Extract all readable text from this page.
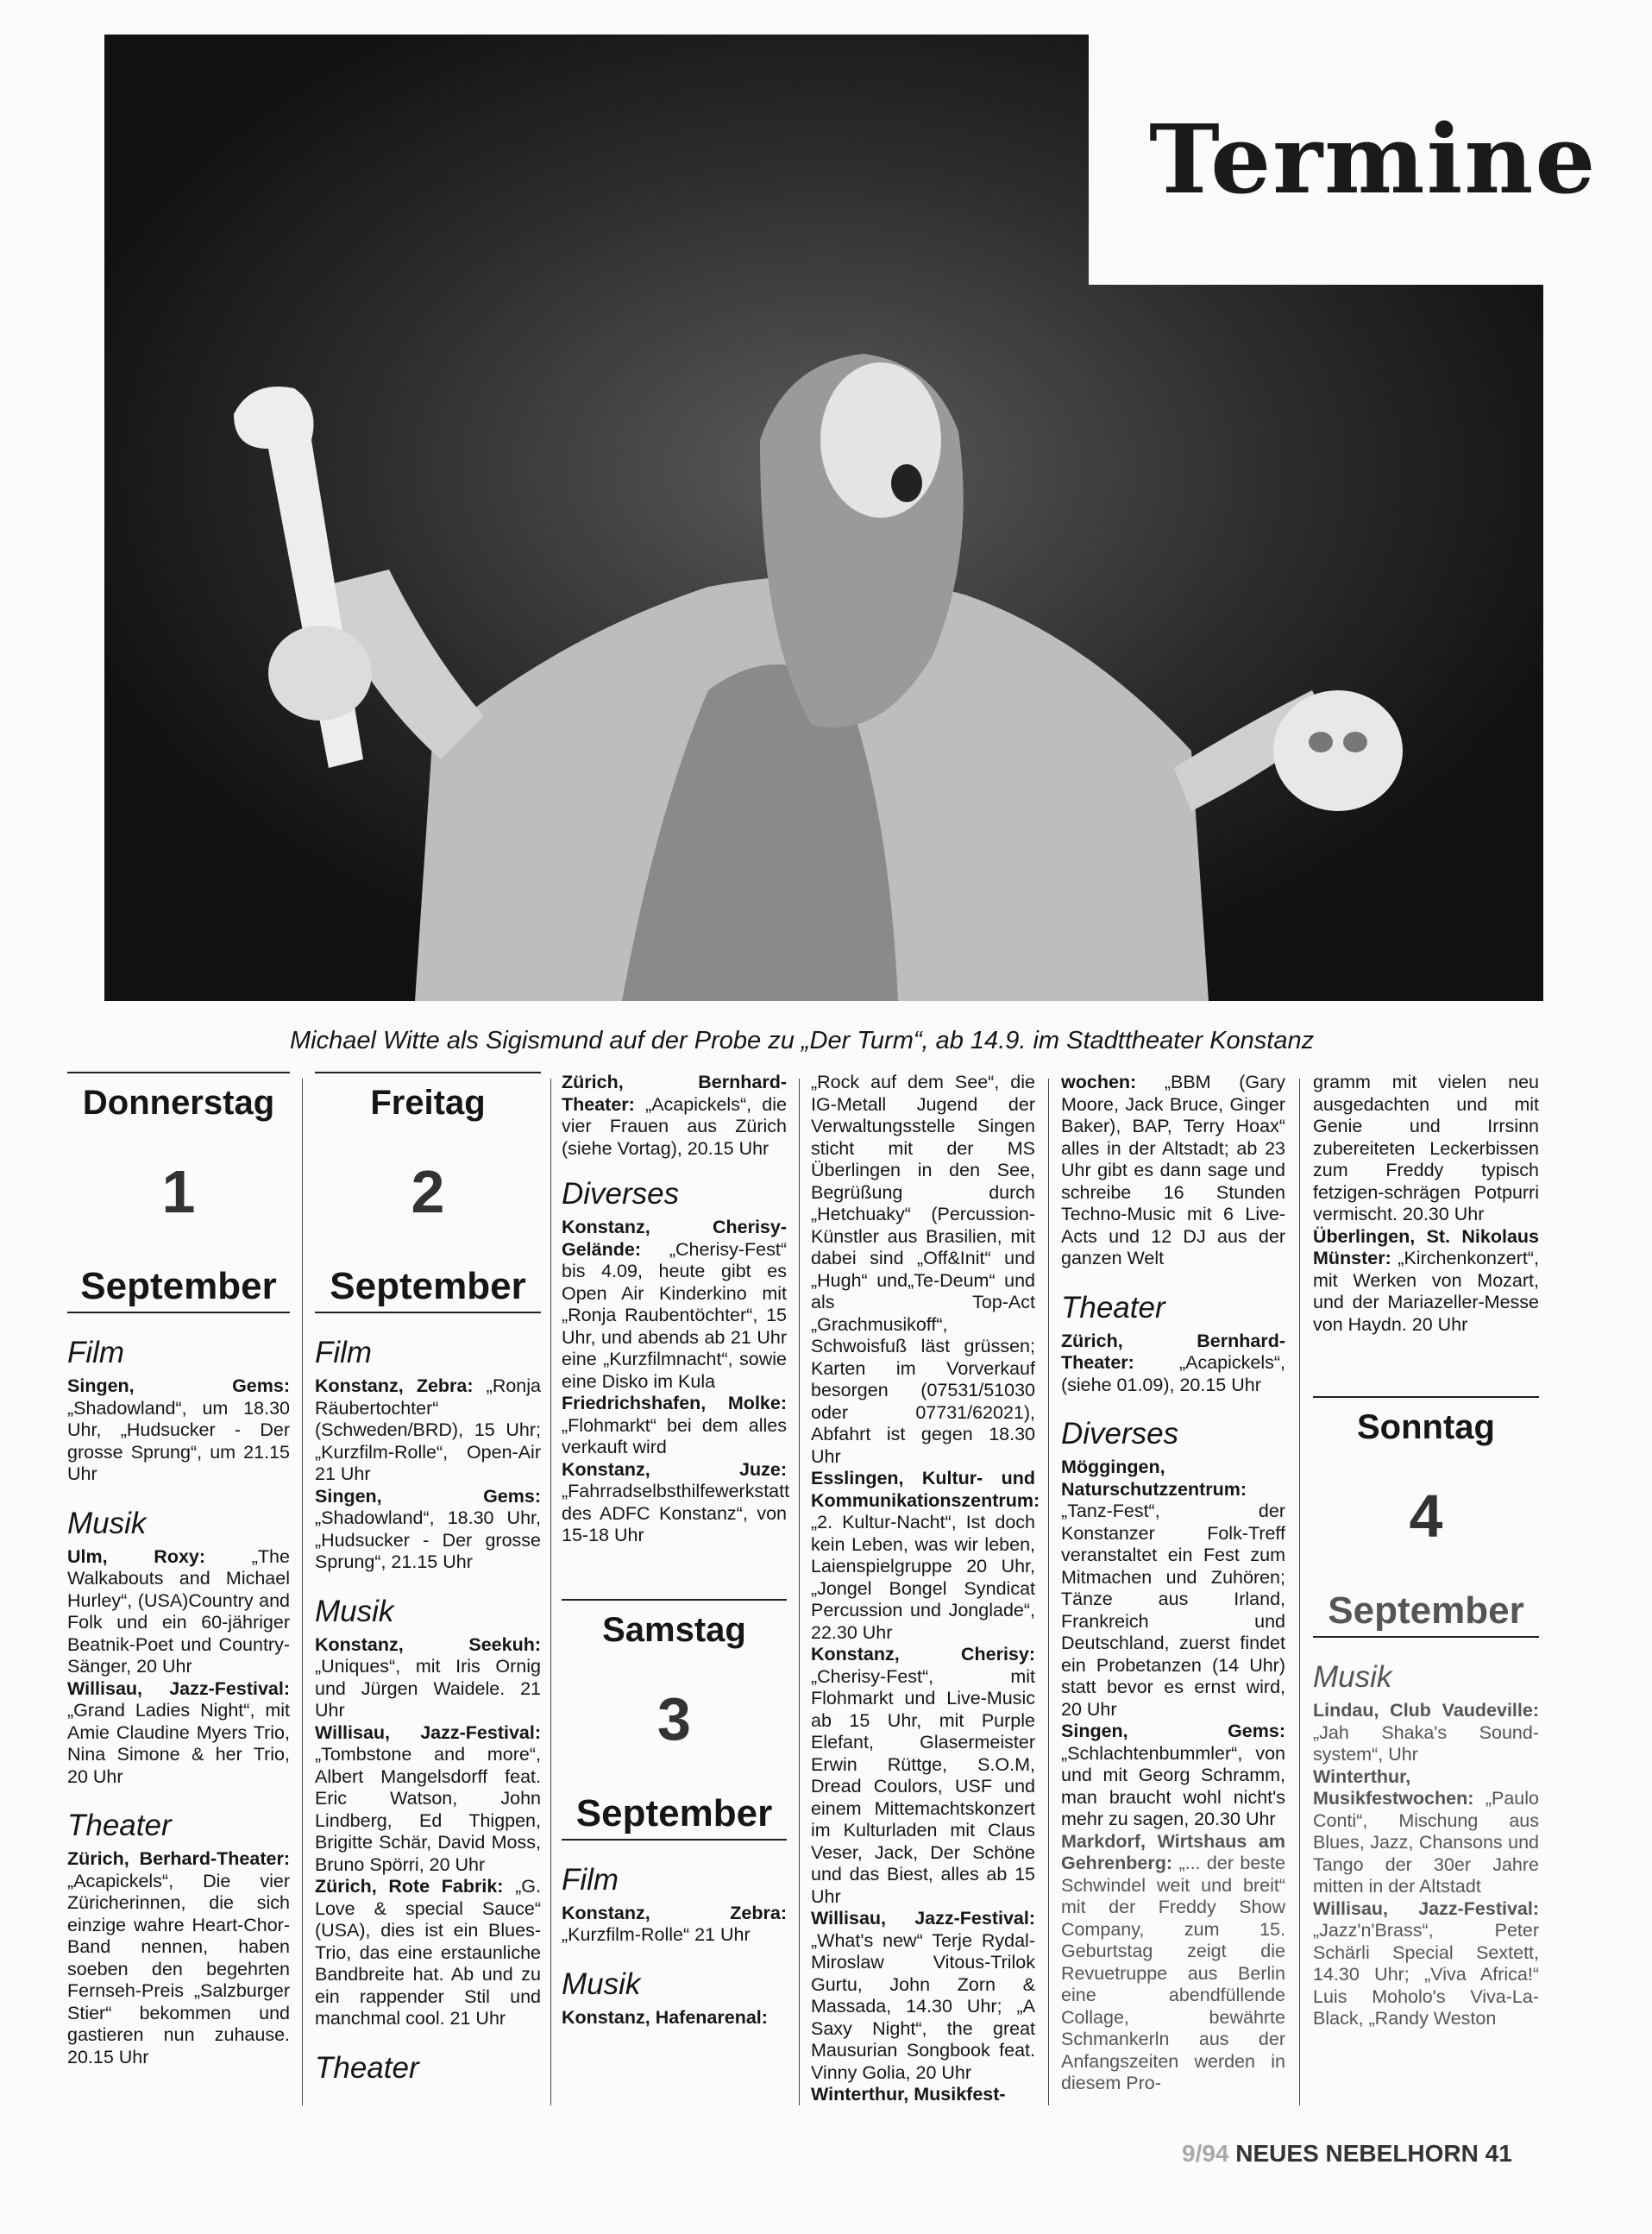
Termine
Michael Witte als Sigismund auf der Probe zu „Der Turm“, ab 14.9. im Stadttheater Konstanz
Donnerstag
1
September
Film

Singen, Gems: „Shadowland“, um 18.30 Uhr, „Hudsucker - Der grosse Sprung“, um 21.15 Uhr

Musik

Ulm, Roxy: „The Walkabouts and Michael Hurley“, (USA)Country and Folk und ein 60-jähriger Beatnik-Poet und Country-Sänger, 20 Uhr

Willisau, Jazz-Festival: „Grand Ladies Night“, mit Amie Claudine Myers Trio, Nina Simone & her Trio, 20 Uhr

Theater

Zürich, Berhard-Theater: „Acapickels“, Die vier Züricherinnen, die sich einzige wahre Heart-Chor-Band nennen, haben soeben den begehrten Fernseh-Preis „Salzburger Stier“ bekommen und gastieren nun zuhause. 20.15 Uhr

Freitag
2
September
Film

Konstanz, Zebra: „Ronja Räubertochter“ (Schweden/BRD), 15 Uhr; „Kurzfilm-Rolle“, Open-Air 21 Uhr

Singen, Gems: „Shadowland“, 18.30 Uhr, „Hudsucker - Der grosse Sprung“, 21.15 Uhr

Musik

Konstanz, Seekuh: „Uniques“, mit Iris Ornig und Jürgen Waidele. 21 Uhr

Willisau, Jazz-Festival: „Tombstone and more“, Albert Mangelsdorff feat. Eric Watson, John Lindberg, Ed Thigpen, Brigitte Schär, David Moss, Bruno Spörri, 20 Uhr

Zürich, Rote Fabrik: „G. Love & special Sauce“ (USA), dies ist ein Blues-Trio, das eine erstaunliche Bandbreite hat. Ab und zu ein rappender Stil und manchmal cool. 21 Uhr

Theater

Zürich, Bernhard-Theater: „Acapickels“, die vier Frauen aus Zürich (siehe Vortag), 20.15 Uhr

Diverses

Konstanz, Cherisy-Gelände: „Cherisy-Fest“ bis 4.09, heute gibt es Open Air Kinderkino mit „Ronja Raubentöchter“, 15 Uhr, und abends ab 21 Uhr eine „Kurzfilmnacht“, sowie eine Disko im Kula

Friedrichshafen, Molke: „Flohmarkt“ bei dem alles verkauft wird

Konstanz, Juze: „Fahrradselbsthilfewerkstatt des ADFC Konstanz“, von 15-18 Uhr

Samstag
3
September
Film

Konstanz, Zebra: „Kurzfilm-Rolle“ 21 Uhr

Musik

Konstanz, Hafenarenal:

„Rock auf dem See“, die IG-Metall Jugend der Verwaltungsstelle Singen sticht mit der MS Überlingen in den See, Begrüßung durch „Hetchuaky“ (Percussion-Künstler aus Brasilien, mit dabei sind „Off&Init“ und „Hugh“ und„Te-Deum“ und als Top-Act „Grachmusikoff“, Schwoisfuß läst grüssen; Karten im Vorverkauf besorgen (07531/51030 oder 07731/62021), Abfahrt ist gegen 18.30 Uhr

Esslingen, Kultur- und Kommunikationszentrum: „2. Kultur-Nacht“, Ist doch kein Leben, was wir leben, Laienspielgruppe 20 Uhr, „Jongel Bongel Syndicat Percussion und Jonglade“, 22.30 Uhr

Konstanz, Cherisy: „Cherisy-Fest“, mit Flohmarkt und Live-Music ab 15 Uhr, mit Purple Elefant, Glasermeister Erwin Rüttge, S.O.M, Dread Coulors, USF und einem Mittemachtskonzert im Kulturladen mit Claus Veser, Jack, Der Schöne und das Biest, alles ab 15 Uhr

Willisau, Jazz-Festival: „What's new“ Terje Rydal-Miroslaw Vitous-Trilok Gurtu, John Zorn & Massada, 14.30 Uhr; „A Saxy Night“, the great Mausurian Songbook feat. Vinny Golia, 20 Uhr

Winterthur, Musikfest-

wochen: „BBM (Gary Moore, Jack Bruce, Ginger Baker), BAP, Terry Hoax“ alles in der Altstadt; ab 23 Uhr gibt es dann sage und schreibe 16 Stunden Techno-Music mit 6 Live-Acts und 12 DJ aus der ganzen Welt

Theater

Zürich, Bernhard-Theater: „Acapickels“,(siehe 01.09), 20.15 Uhr

Diverses

Möggingen, Naturschutzzentrum: „Tanz-Fest“, der Konstanzer Folk-Treff veranstaltet ein Fest zum Mitmachen und Zuhören; Tänze aus Irland, Frankreich und Deutschland, zuerst findet ein Probetanzen (14 Uhr) statt bevor es ernst wird, 20 Uhr

Singen, Gems: „Schlachtenbummler“, von und mit Georg Schramm, man braucht wohl nicht's mehr zu sagen, 20.30 Uhr

Markdorf, Wirtshaus am Gehrenberg: „... der beste Schwindel weit und breit“ mit der Freddy Show Company, zum 15. Geburtstag zeigt die Revuetruppe aus Berlin eine abendfüllende Collage, bewährte Schmankerln aus der Anfangszeiten werden in diesem Pro-

gramm mit vielen neu ausgedachten und mit Genie und Irrsinn zubereiteten Leckerbissen zum Freddy typisch fetzigen-schrägen Potpurri vermischt. 20.30 Uhr

Überlingen, St. Nikolaus Münster: „Kirchenkonzert“, mit Werken von Mozart, und der Mariazeller-Messe von Haydn. 20 Uhr

Sonntag
4
September
Musik

Lindau, Club Vaudeville: „Jah Shaka's Sound-system“, Uhr

Winterthur, Musikfestwochen: „Paulo Conti“, Mischung aus Blues, Jazz, Chansons und Tango der 30er Jahre mitten in der Altstadt

Willisau, Jazz-Festival: „Jazz'n'Brass“, Peter Schärli Special Sextett, 14.30 Uhr; „Viva Africa!“ Luis Moholo's Viva-La-Black, „Randy Weston

9/94 NEUES NEBELHORN 41
